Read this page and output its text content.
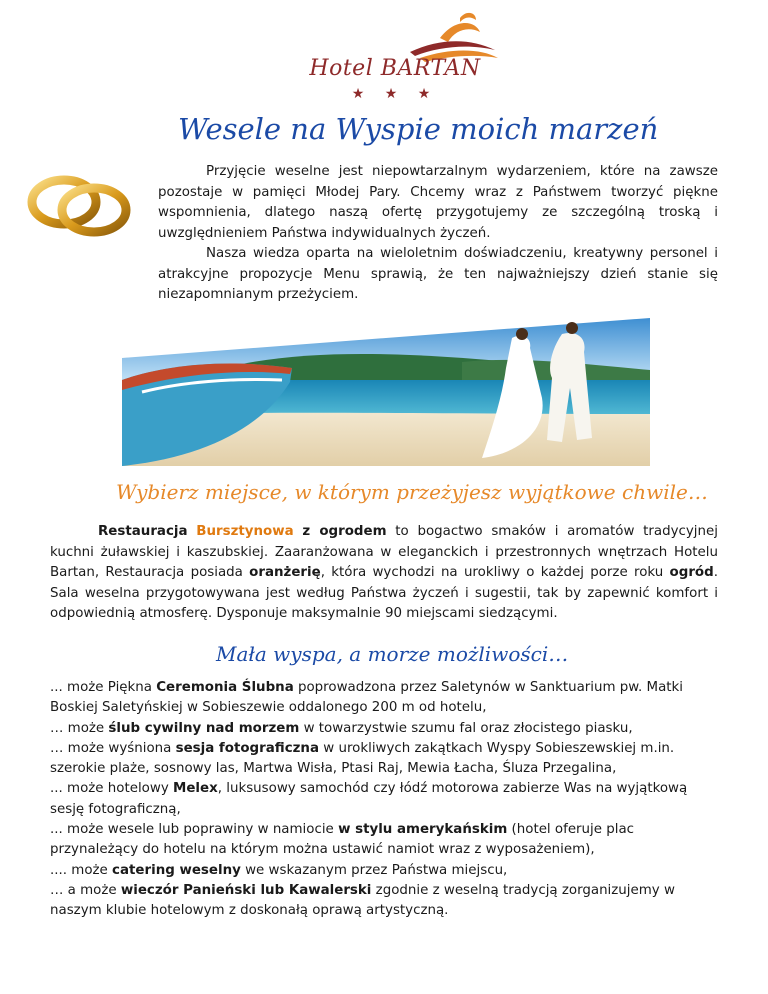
Hotel BARTAN
★ ★ ★
Wesele na Wyspie moich marzeń

Przyjęcie weselne jest niepowtarzalnym wydarzeniem, które na zawsze pozostaje w pamięci Młodej Pary. Chcemy wraz z Państwem tworzyć piękne wspomnienia, dlatego naszą ofertę przygotujemy ze szczególną troską i uwzględnieniem Państwa indywidualnych życzeń.

Nasza wiedza oparta na wieloletnim doświadczeniu, kreatywny personel i atrakcyjne propozycje Menu sprawią, że ten najważniejszy dzień stanie się niezapomnianym przeżyciem.

Wybierz miejsce, w którym przeżyjesz wyjątkowe chwile…
Restauracja Bursztynowa z ogrodem to bogactwo smaków i aromatów tradycyjnej kuchni żuławskiej i kaszubskiej. Zaaranżowana w eleganckich i przestronnych wnętrzach Hotelu Bartan, Restauracja posiada oranżerię, która wychodzi na urokliwy o każdej porze roku ogród. Sala weselna przygotowywana jest według Państwa życzeń i sugestii, tak by zapewnić komfort i odpowiednią atmosferę. Dysponuje maksymalnie 90 miejscami siedzącymi.
Mała wyspa, a morze możliwości…

... może Piękna Ceremonia Ślubna poprowadzona przez Saletynów w Sanktuarium pw. Matki Boskiej Saletyńskiej w Sobieszewie oddalonego 200 m od hotelu,

… może ślub cywilny nad morzem w towarzystwie szumu fal oraz złocistego piasku,

… może wyśniona sesja fotograficzna w urokliwych zakątkach Wyspy Sobieszewskiej m.in. szerokie plaże, sosnowy las, Martwa Wisła, Ptasi Raj, Mewia Łacha, Śluza Przegalina,

... może hotelowy Melex, luksusowy samochód czy łódź motorowa zabierze Was na wyjątkową sesję fotograficzną,

... może wesele lub poprawiny w namiocie w stylu amerykańskim (hotel oferuje plac przynależący do hotelu na którym można ustawić namiot wraz z wyposażeniem),

.... może catering weselny we wskazanym przez Państwa miejscu,

… a może wieczór Panieński lub Kawalerski zgodnie z weselną tradycją zorganizujemy w naszym klubie hotelowym z doskonałą oprawą artystyczną.
